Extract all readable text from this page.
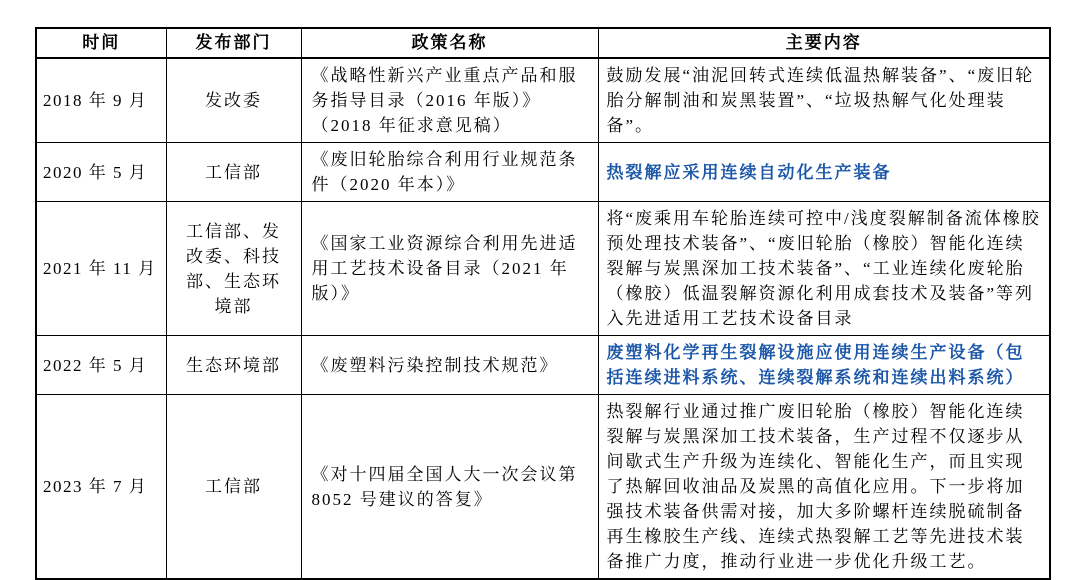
时间	发布部门	政策名称	主要内容
2018 年 9 月	发改委	《战略性新兴产业重点产品和服务指导目录（2016 年版）》（2018 年征求意见稿）	鼓励发展“油泥回转式连续低温热解装备”、“废旧轮胎分解制油和炭黑装置”、“垃圾热解气化处理装备”。
2020 年 5 月	工信部	《废旧轮胎综合利用行业规范条件（2020 年本）》	热裂解应采用连续自动化生产装备
2021 年 11 月	工信部、发改委、科技部、生态环境部	《国家工业资源综合利用先进适用工艺技术设备目录（2021 年版）》	将“废乘用车轮胎连续可控中/浅度裂解制备流体橡胶预处理技术装备”、“废旧轮胎（橡胶）智能化连续裂解与炭黑深加工技术装备”、“工业连续化废轮胎（橡胶）低温裂解资源化利用成套技术及装备”等列入先进适用工艺技术设备目录
2022 年 5 月	生态环境部	《废塑料污染控制技术规范》	废塑料化学再生裂解设施应使用连续生产设备（包括连续进料系统、连续裂解系统和连续出料系统）
2023 年 7 月	工信部	《对十四届全国人大一次会议第 8052 号建议的答复》	热裂解行业通过推广废旧轮胎（橡胶）智能化连续裂解与炭黑深加工技术装备，生产过程不仅逐步从间歇式生产升级为连续化、智能化生产，而且实现了热解回收油品及炭黑的高值化应用。下一步将加强技术装备供需对接，加大多阶螺杆连续脱硫制备再生橡胶生产线、连续式热裂解工艺等先进技术装备推广力度，推动行业进一步优化升级工艺。
